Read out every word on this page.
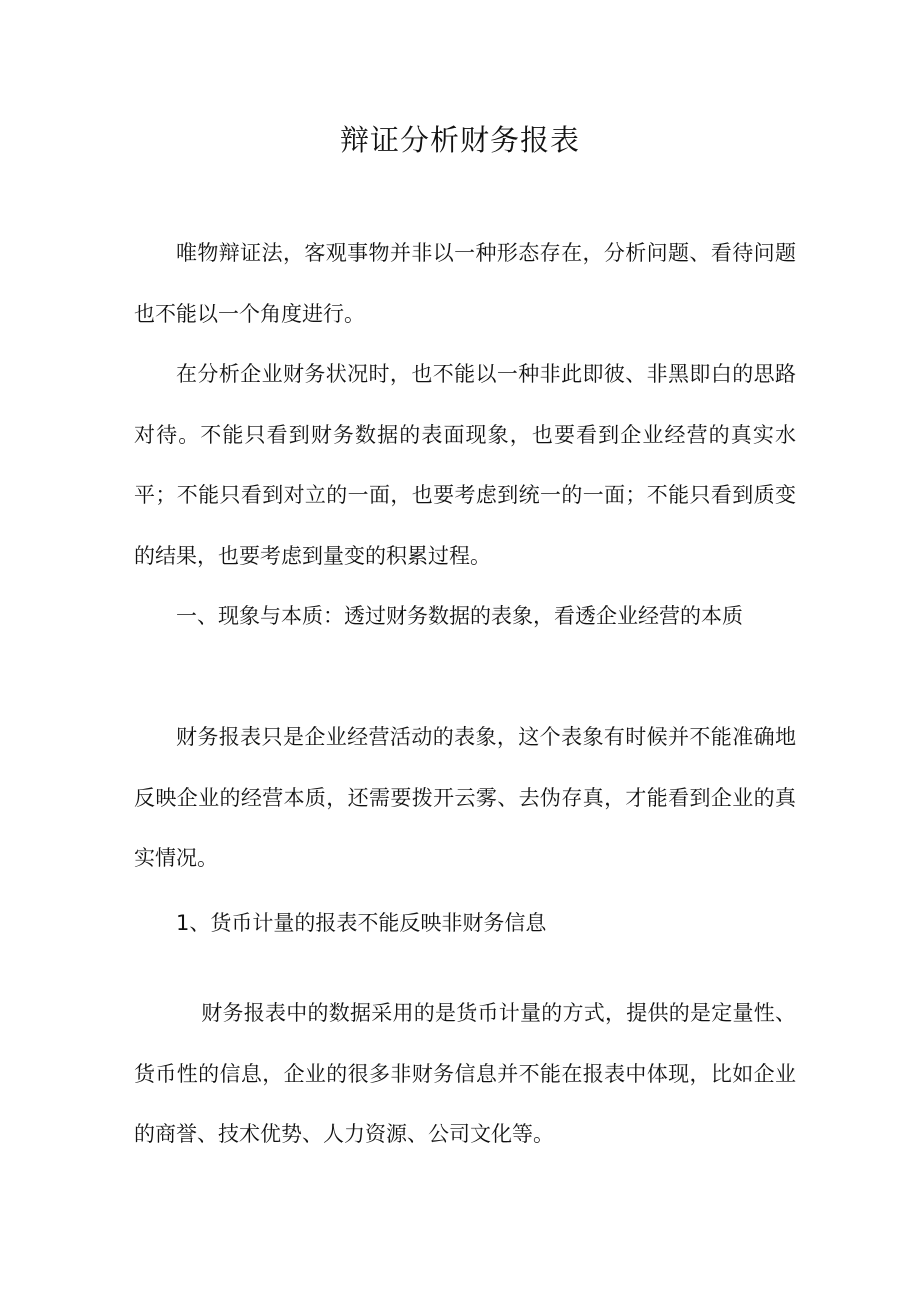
辩证分析财务报表

唯物辩证法，客观事物并非以一种形态存在，分析问题、看待问题也不能以一个角度进行。

在分析企业财务状况时，也不能以一种非此即彼、非黑即白的思路对待。不能只看到财务数据的表面现象，也要看到企业经营的真实水平；不能只看到对立的一面，也要考虑到统一的一面；不能只看到质变的结果，也要考虑到量变的积累过程。

一、现象与本质：透过财务数据的表象，看透企业经营的本质

财务报表只是企业经营活动的表象，这个表象有时候并不能准确地反映企业的经营本质，还需要拨开云雾、去伪存真，才能看到企业的真实情况。

1、货币计量的报表不能反映非财务信息

财务报表中的数据采用的是货币计量的方式，提供的是定量性、货币性的信息，企业的很多非财务信息并不能在报表中体现，比如企业的商誉、技术优势、人力资源、公司文化等。
